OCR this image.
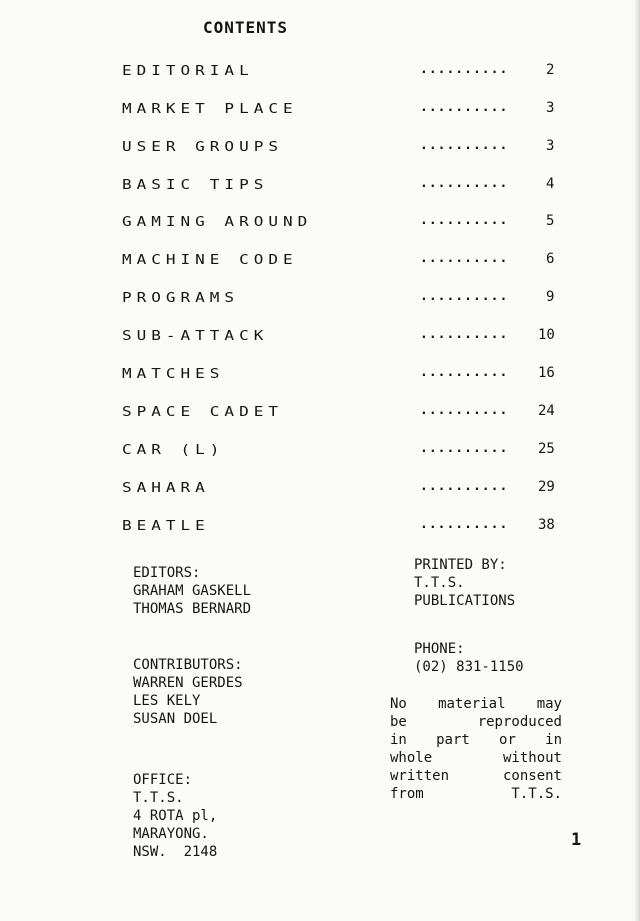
CONTENTS
EDITORIAL	..........	2
MARKET PLACE	..........	3
USER GROUPS	..........	3
BASIC TIPS	..........	4
GAMING AROUND	..........	5
MACHINE CODE	..........	6
PROGRAMS	..........	9
SUB-ATTACK	.......... 10
MATCHES	.......... 16
SPACE CADET	.......... 24
CAR (L)	.......... 25
SAHARA	.......... 29
BEATLE	.......... 38
EDITORS:
GRAHAM GASKELL
THOMAS BERNARD
CONTRIBUTORS:
WARREN GERDES
LES KELY
SUSAN DOEL
OFFICE:
T.T.S.
4 ROTA pl,
MARAYONG.
NSW.  2148
PRINTED BY:
T.T.S.
PUBLICATIONS
PHONE:
(02) 831-1150
No material may
be	reproduced
in part or in
whole	without
written	consent
from	T.T.S.
1
